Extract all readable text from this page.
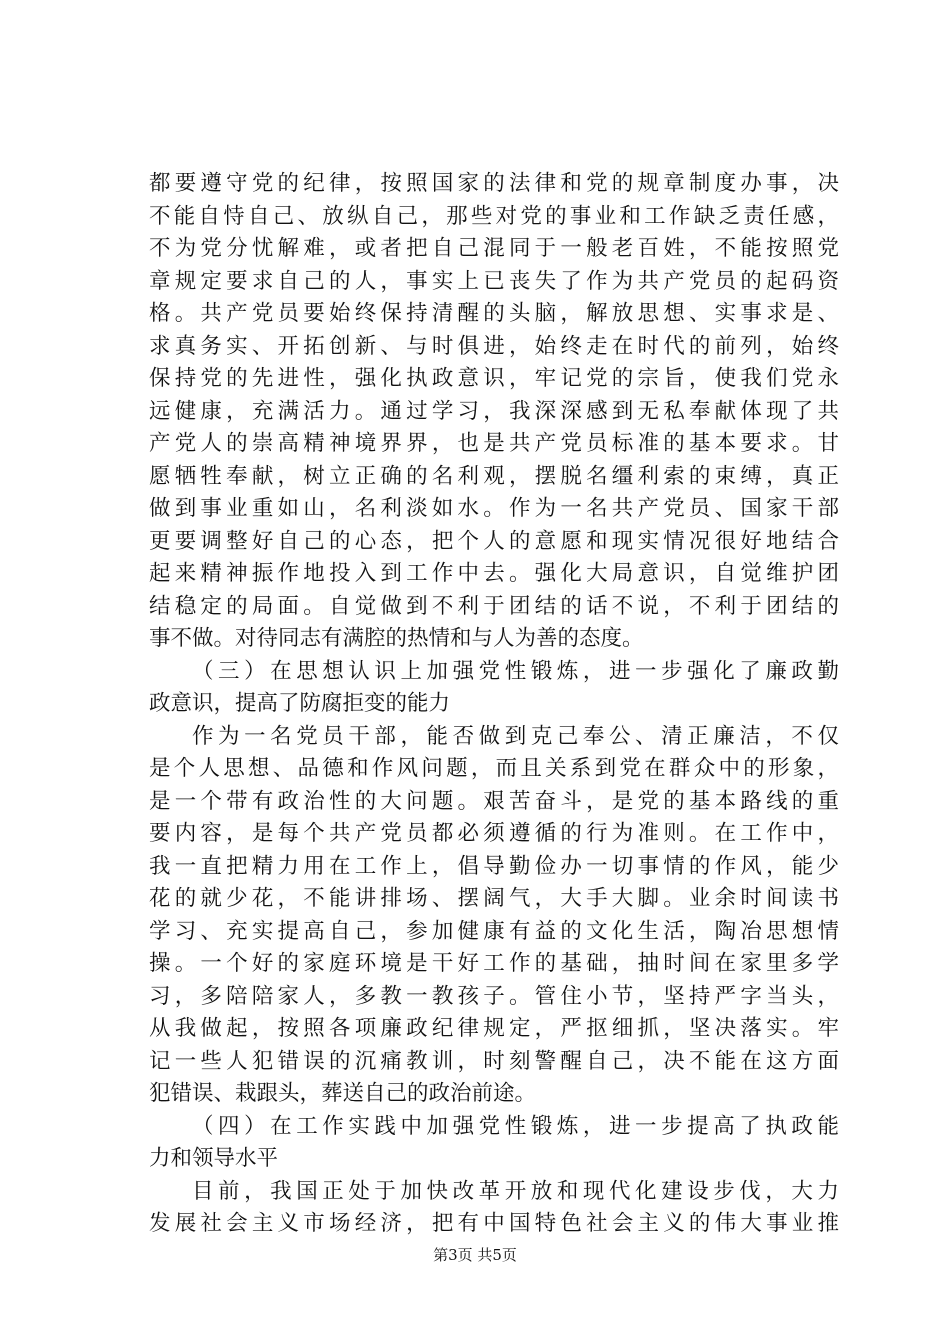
都要遵守党的纪律，按照国家的法律和党的规章制度办事，决
不能自恃自己、放纵自己，那些对党的事业和工作缺乏责任感，
不为党分忧解难，或者把自己混同于一般老百姓，不能按照党
章规定要求自己的人，事实上已丧失了作为共产党员的起码资
格。共产党员要始终保持清醒的头脑，解放思想、实事求是、
求真务实、开拓创新、与时俱进，始终走在时代的前列，始终
保持党的先进性，强化执政意识，牢记党的宗旨，使我们党永
远健康，充满活力。通过学习，我深深感到无私奉献体现了共
产党人的崇高精神境界界，也是共产党员标准的基本要求。甘
愿牺牲奉献，树立正确的名利观，摆脱名缰利索的束缚，真正
做到事业重如山，名利淡如水。作为一名共产党员、国家干部
更要调整好自己的心态，把个人的意愿和现实情况很好地结合
起来精神振作地投入到工作中去。强化大局意识，自觉维护团
结稳定的局面。自觉做到不利于团结的话不说，不利于团结的
事不做。对待同志有满腔的热情和与人为善的态度。
（三）在思想认识上加强党性锻炼，进一步强化了廉政勤
政意识，提高了防腐拒变的能力
作为一名党员干部，能否做到克己奉公、清正廉洁，不仅
是个人思想、品德和作风问题，而且关系到党在群众中的形象，
是一个带有政治性的大问题。艰苦奋斗，是党的基本路线的重
要内容，是每个共产党员都必须遵循的行为准则。在工作中，
我一直把精力用在工作上，倡导勤俭办一切事情的作风，能少
花的就少花，不能讲排场、摆阔气，大手大脚。业余时间读书
学习、充实提高自己，参加健康有益的文化生活，陶冶思想情
操。一个好的家庭环境是干好工作的基础，抽时间在家里多学
习，多陪陪家人，多教一教孩子。管住小节，坚持严字当头，
从我做起，按照各项廉政纪律规定，严抠细抓，坚决落实。牢
记一些人犯错误的沉痛教训，时刻警醒自己，决不能在这方面
犯错误、栽跟头，葬送自己的政治前途。
（四）在工作实践中加强党性锻炼，进一步提高了执政能
力和领导水平
目前，我国正处于加快改革开放和现代化建设步伐，大力
发展社会主义市场经济，把有中国特色社会主义的伟大事业推
第3页 共5页
